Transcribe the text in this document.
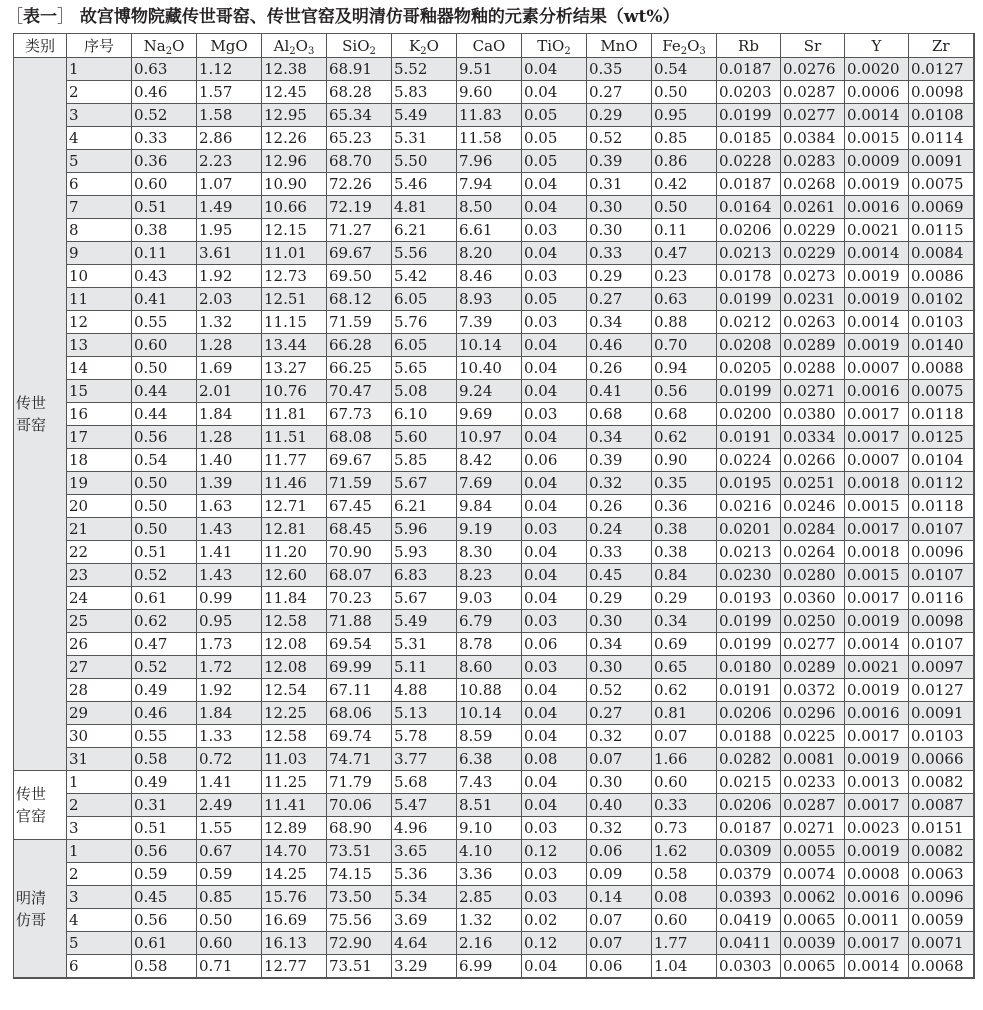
［表一］ 故宫博物院藏传世哥窑、传世官窑及明清仿哥釉器物釉的元素分析结果（wt%）
类别	序号	$Na_2O$	MgO	$Al_2O_3$	SiO$_2$	$K_2O$	CaO	TiO$_2$	MnO	$Fe_2O_3$	Rb	Sr	Y	Zr

传世
哥窑	1	0.63	1.12	12.38	68.91	5.52	9.51	0.04	0.35	0.54	0.0187	0.0276	0.0020	0.0127
	2	0.46	1.57	12.45	68.28	5.83	9.60	0.04	0.27	0.50	0.0203	0.0287	0.0006	0.0098
	3	0.52	1.58	12.95	65.34	5.49	11.83	0.05	0.29	0.95	0.0199	0.0277	0.0014	0.0108
	4	0.33	2.86	12.26	65.23	5.31	11.58	0.05	0.52	0.85	0.0185	0.0384	0.0015	0.0114
	5	0.36	2.23	12.96	68.70	5.50	7.96	0.05	0.39	0.86	0.0228	0.0283	0.0009	0.0091
	6	0.60	1.07	10.90	72.26	5.46	7.94	0.04	0.31	0.42	0.0187	0.0268	0.0019	0.0075
	7	0.51	1.49	10.66	72.19	4.81	8.50	0.04	0.30	0.50	0.0164	0.0261	0.0016	0.0069
	8	0.38	1.95	12.15	71.27	6.21	6.61	0.03	0.30	0.11	0.0206	0.0229	0.0021	0.0115
	9	0.11	3.61	11.01	69.67	5.56	8.20	0.04	0.33	0.47	0.0213	0.0229	0.0014	0.0084
	10	0.43	1.92	12.73	69.50	5.42	8.46	0.03	0.29	0.23	0.0178	0.0273	0.0019	0.0086
	11	0.41	2.03	12.51	68.12	6.05	8.93	0.05	0.27	0.63	0.0199	0.0231	0.0019	0.0102
	12	0.55	1.32	11.15	71.59	5.76	7.39	0.03	0.34	0.88	0.0212	0.0263	0.0014	0.0103
	13	0.60	1.28	13.44	66.28	6.05	10.14	0.04	0.46	0.70	0.0208	0.0289	0.0019	0.0140
	14	0.50	1.69	13.27	66.25	5.65	10.40	0.04	0.26	0.94	0.0205	0.0288	0.0007	0.0088
	15	0.44	2.01	10.76	70.47	5.08	9.24	0.04	0.41	0.56	0.0199	0.0271	0.0016	0.0075
	16	0.44	1.84	11.81	67.73	6.10	9.69	0.03	0.68	0.68	0.0200	0.0380	0.0017	0.0118
	17	0.56	1.28	11.51	68.08	5.60	10.97	0.04	0.34	0.62	0.0191	0.0334	0.0017	0.0125
	18	0.54	1.40	11.77	69.67	5.85	8.42	0.06	0.39	0.90	0.0224	0.0266	0.0007	0.0104
	19	0.50	1.39	11.46	71.59	5.67	7.69	0.04	0.32	0.35	0.0195	0.0251	0.0018	0.0112
	20	0.50	1.63	12.71	67.45	6.21	9.84	0.04	0.26	0.36	0.0216	0.0246	0.0015	0.0118
	21	0.50	1.43	12.81	68.45	5.96	9.19	0.03	0.24	0.38	0.0201	0.0284	0.0017	0.0107
	22	0.51	1.41	11.20	70.90	5.93	8.30	0.04	0.33	0.38	0.0213	0.0264	0.0018	0.0096
	23	0.52	1.43	12.60	68.07	6.83	8.23	0.04	0.45	0.84	0.0230	0.0280	0.0015	0.0107
	24	0.61	0.99	11.84	70.23	5.67	9.03	0.04	0.29	0.29	0.0193	0.0360	0.0017	0.0116
	25	0.62	0.95	12.58	71.88	5.49	6.79	0.03	0.30	0.34	0.0199	0.0250	0.0019	0.0098
	26	0.47	1.73	12.08	69.54	5.31	8.78	0.06	0.34	0.69	0.0199	0.0277	0.0014	0.0107
	27	0.52	1.72	12.08	69.99	5.11	8.60	0.03	0.30	0.65	0.0180	0.0289	0.0021	0.0097
	28	0.49	1.92	12.54	67.11	4.88	10.88	0.04	0.52	0.62	0.0191	0.0372	0.0019	0.0127
	29	0.46	1.84	12.25	68.06	5.13	10.14	0.04	0.27	0.81	0.0206	0.0296	0.0016	0.0091
	30	0.55	1.33	12.58	69.74	5.78	8.59	0.04	0.32	0.07	0.0188	0.0225	0.0017	0.0103
	31	0.58	0.72	11.03	74.71	3.77	6.38	0.08	0.07	1.66	0.0282	0.0081	0.0019	0.0066

传世
官窑	1	0.49	1.41	11.25	71.79	5.68	7.43	0.04	0.30	0.60	0.0215	0.0233	0.0013	0.0082
	2	0.31	2.49	11.41	70.06	5.47	8.51	0.04	0.40	0.33	0.0206	0.0287	0.0017	0.0087
	3	0.51	1.55	12.89	68.90	4.96	9.10	0.03	0.32	0.73	0.0187	0.0271	0.0023	0.0151

明清
仿哥	1	0.56	0.67	14.70	73.51	3.65	4.10	0.12	0.06	1.62	0.0309	0.0055	0.0019	0.0082
	2	0.59	0.59	14.25	74.15	5.36	3.36	0.03	0.09	0.58	0.0379	0.0074	0.0008	0.0063
	3	0.45	0.85	15.76	73.50	5.34	2.85	0.03	0.14	0.08	0.0393	0.0062	0.0016	0.0096
	4	0.56	0.50	16.69	75.56	3.69	1.32	0.02	0.07	0.60	0.0419	0.0065	0.0011	0.0059
	5	0.61	0.60	16.13	72.90	4.64	2.16	0.12	0.07	1.77	0.0411	0.0039	0.0017	0.0071
	6	0.58	0.71	12.77	73.51	3.29	6.99	0.04	0.06	1.04	0.0303	0.0065	0.0014	0.0068
